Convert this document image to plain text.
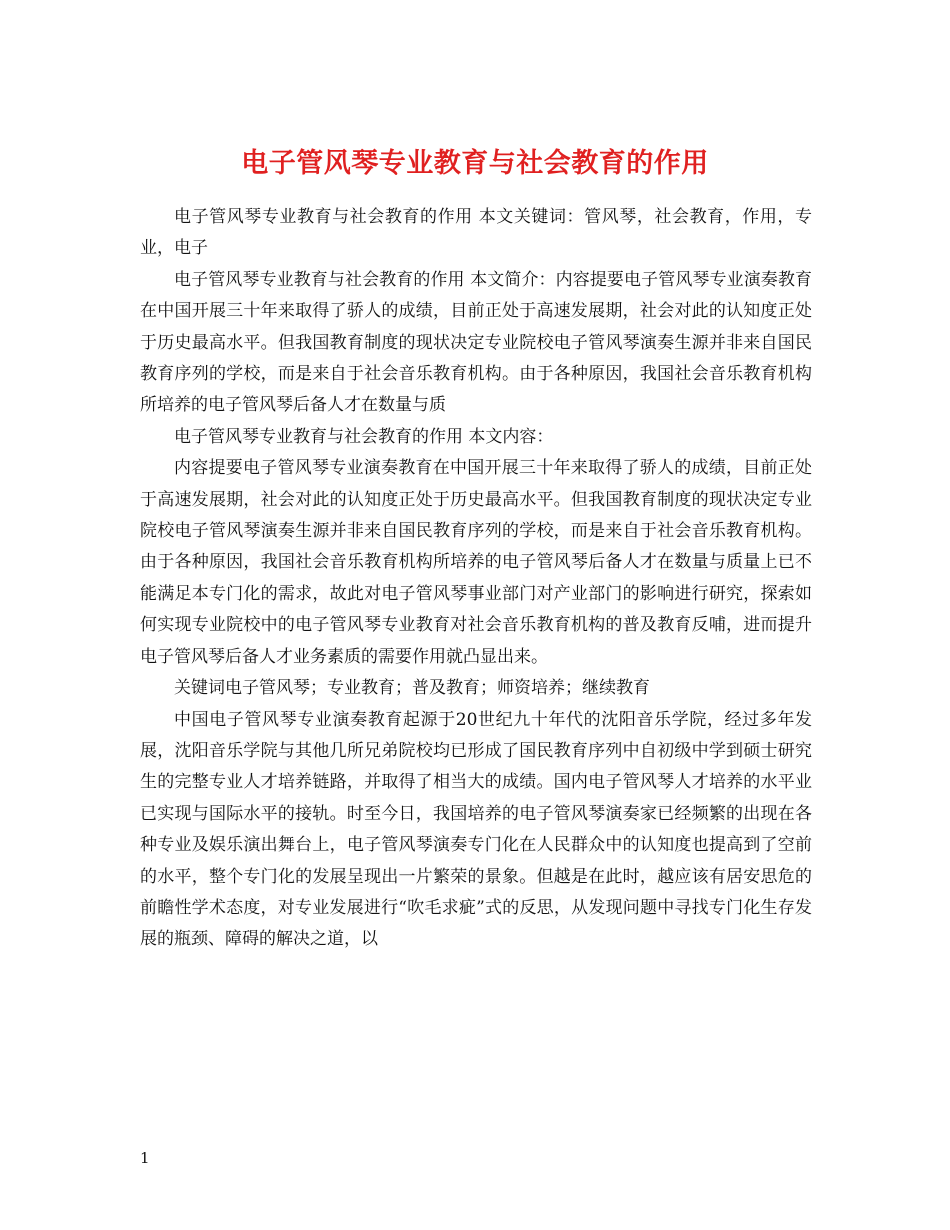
电子管风琴专业教育与社会教育的作用

电子管风琴专业教育与社会教育的作用 本文关键词：管风琴，社会教育，作用，专业，电子

电子管风琴专业教育与社会教育的作用 本文简介：内容提要电子管风琴专业演奏教育在中国开展三十年来取得了骄人的成绩，目前正处于高速发展期，社会对此的认知度正处于历史最高水平。但我国教育制度的现状决定专业院校电子管风琴演奏生源并非来自国民教育序列的学校，而是来自于社会音乐教育机构。由于各种原因，我国社会音乐教育机构所培养的电子管风琴后备人才在数量与质

电子管风琴专业教育与社会教育的作用 本文内容：

内容提要电子管风琴专业演奏教育在中国开展三十年来取得了骄人的成绩，目前正处于高速发展期，社会对此的认知度正处于历史最高水平。但我国教育制度的现状决定专业院校电子管风琴演奏生源并非来自国民教育序列的学校，而是来自于社会音乐教育机构。由于各种原因，我国社会音乐教育机构所培养的电子管风琴后备人才在数量与质量上已不能满足本专门化的需求，故此对电子管风琴事业部门对产业部门的影响进行研究，探索如何实现专业院校中的电子管风琴专业教育对社会音乐教育机构的普及教育反哺，进而提升电子管风琴后备人才业务素质的需要作用就凸显出来。

关键词电子管风琴；专业教育；普及教育；师资培养；继续教育

中国电子管风琴专业演奏教育起源于20世纪九十年代的沈阳音乐学院，经过多年发展，沈阳音乐学院与其他几所兄弟院校均已形成了国民教育序列中自初级中学到硕士研究生的完整专业人才培养链路，并取得了相当大的成绩。国内电子管风琴人才培养的水平业已实现与国际水平的接轨。时至今日，我国培养的电子管风琴演奏家已经频繁的出现在各种专业及娱乐演出舞台上，电子管风琴演奏专门化在人民群众中的认知度也提高到了空前的水平，整个专门化的发展呈现出一片繁荣的景象。但越是在此时，越应该有居安思危的前瞻性学术态度，对专业发展进行“吹毛求疵”式的反思，从发现问题中寻找专门化生存发展的瓶颈、障碍的解决之道，以

1
